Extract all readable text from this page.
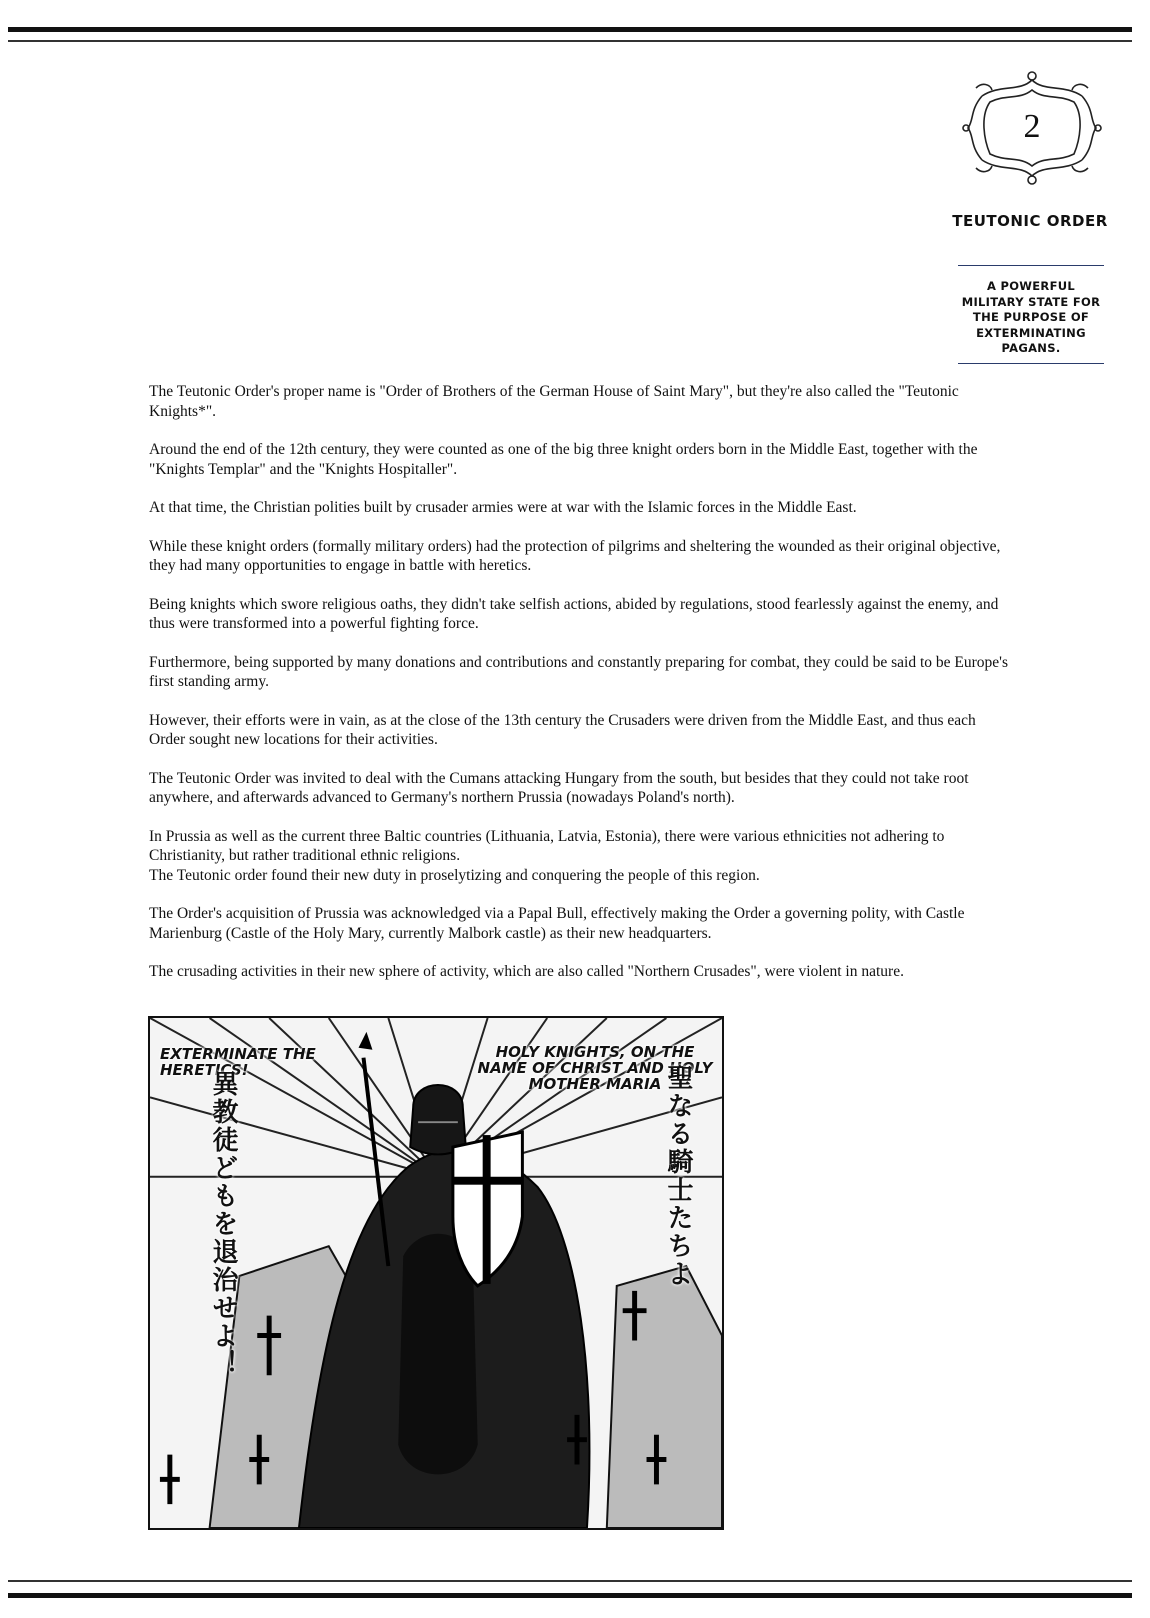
2
TEUTONIC ORDER
A POWERFUL MILITARY STATE FOR THE PURPOSE OF EXTERMINATING PAGANS.

The Teutonic Order's proper name is "Order of Brothers of the German House of Saint Mary", but they're also called the "Teutonic Knights*".

Around the end of the 12th century, they were counted as one of the big three knight orders born in the Middle East, together with the "Knights Templar" and the "Knights Hospitaller".

At that time, the Christian polities built by crusader armies were at war with the Islamic forces in the Middle East.

While these knight orders (formally military orders) had the protection of pilgrims and sheltering the wounded as their original objective, they had many opportunities to engage in battle with heretics.

Being knights which swore religious oaths, they didn't take selfish actions, abided by regulations, stood fearlessly against the enemy, and thus were transformed into a powerful fighting force.

Furthermore, being supported by many donations and contributions and constantly preparing for combat, they could be said to be Europe's first standing army.

However, their efforts were in vain, as at the close of the 13th century the Crusaders were driven from the Middle East, and thus each Order sought new locations for their activities.

The Teutonic Order was invited to deal with the Cumans attacking Hungary from the south, but besides that they could not take root anywhere, and afterwards advanced to Germany's northern Prussia (nowadays Poland's north).

In Prussia as well as the current three Baltic countries (Lithuania, Latvia, Estonia), there were various ethnicities not adhering to Christianity, but rather traditional ethnic religions.
The Teutonic order found their new duty in proselytizing and conquering the people of this region.

The Order's acquisition of Prussia was acknowledged via a Papal Bull, effectively making the Order a governing polity, with Castle Marienburg (Castle of the Holy Mary, currently Malbork castle) as their new headquarters.

The crusading activities in their new sphere of activity, which are also called "Northern Crusades", were violent in nature.

EXTERMINATE THE HERETICS!
HOLY KNIGHTS, ON THE NAME OF CHRIST AND HOLY MOTHER MARIA 聖なる騎士たちよ
異教徒どもを退治せよ！
